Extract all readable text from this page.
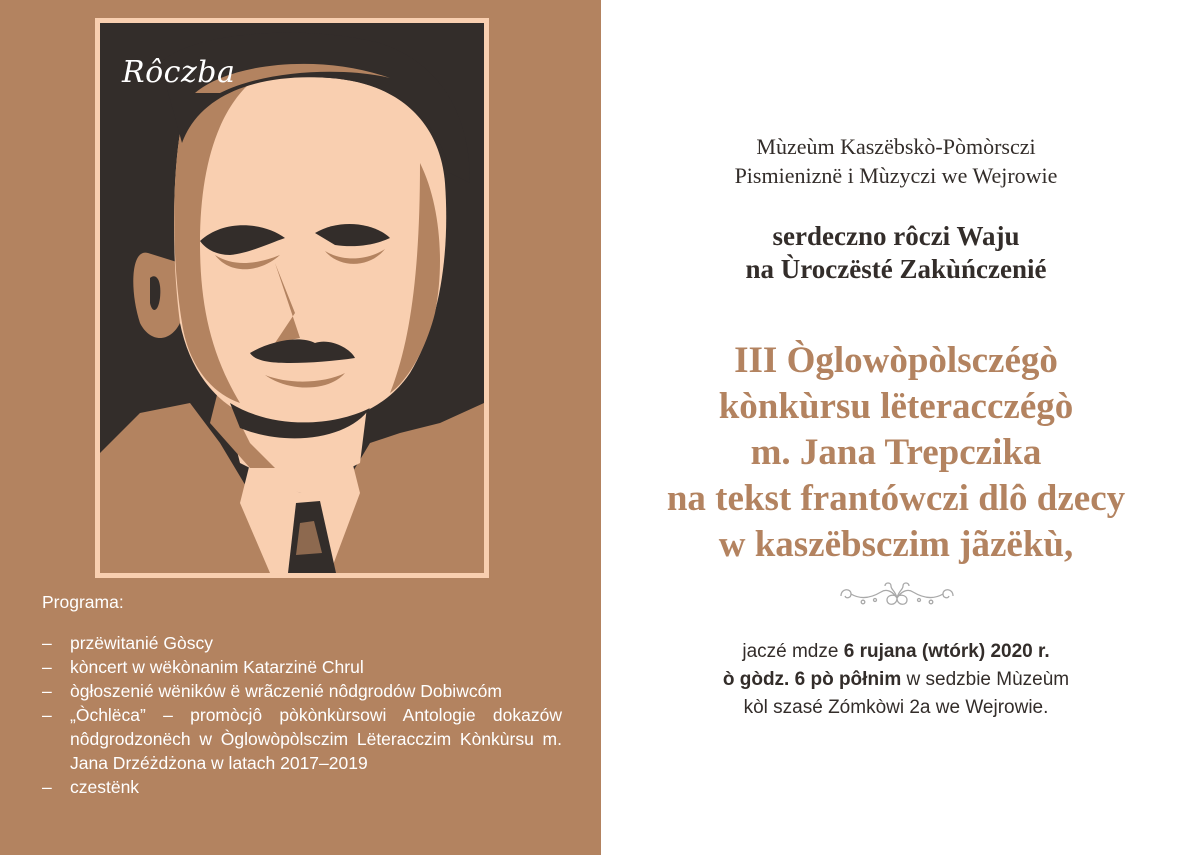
Rôczba
Programa:
– przëwitanié Gòscy
– kòncert w wëkònanim Katarzinë Chrul
– ògłoszenié wëników ë wrãczenié nôdgrodów Dobiwcóm
– „Òchlëca” – promòcjô pòkònkùrsowi Antologie dokazów nôdgrodzonëch w Òglowòpòlsczim Lëteracczim Kònkùrsu m. Jana Drzéżdżona w latach 2017–2019
– czestënk
Mùzeùm Kaszëbskò-Pòmòrsczi
Pismieniznë i Mùzyczi we Wejrowie
serdeczno rôczi Waju
na Ùroczësté Zakùńczenié
III Òglowòpòlsczégò
kònkùrsu lëteracczégò
m. Jana Trepczika
na tekst frantówczi dlô dzecy
w kaszëbsczim jãzëkù,
jaczé mdze 6 rujana (wtórk) 2020 r.
ò gòdz. 6 pò pôłnim w sedzbie Mùzeùm
kòl szasé Zómkòwi 2a we Wejrowie.
